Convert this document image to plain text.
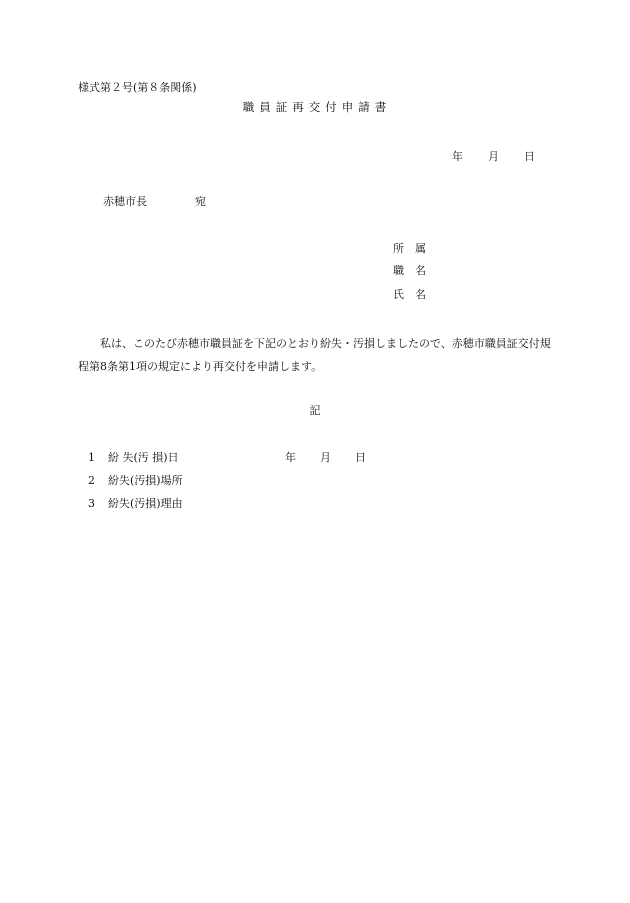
様式第２号(第８条関係)
職員証再交付申請書
年 月 日
赤穂市長	宛
所属
職名
氏名
私は、このたび赤穂市職員証を下記のとおり紛失・汚損しましたので、赤穂市職員証交付規程第8条第1項の規定により再交付を申請します。
記
1 紛 失(汚 損)日	年 月 日
2 紛失(汚損)場所
3 紛失(汚損)理由
